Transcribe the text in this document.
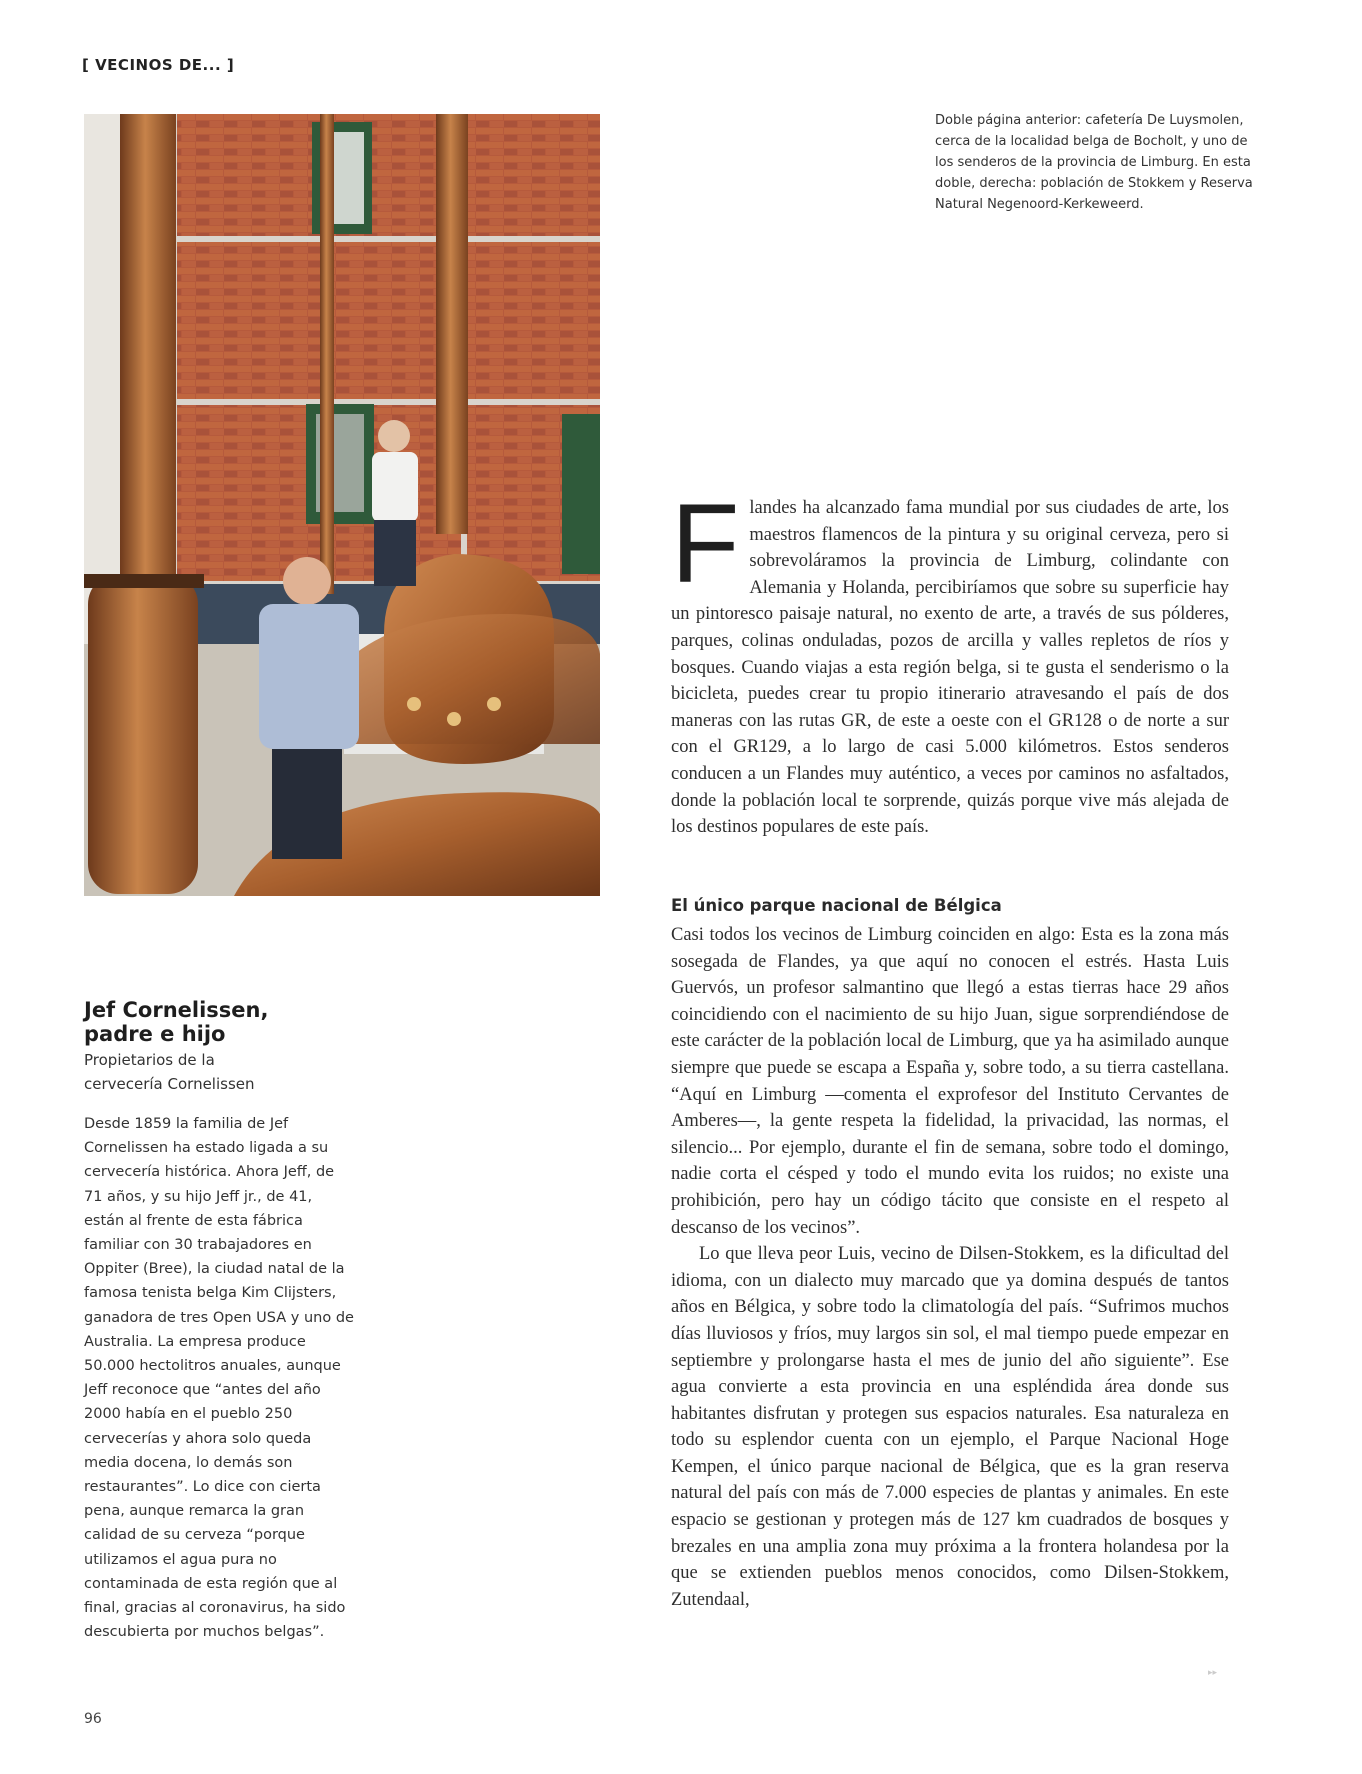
[ VECINOS DE... ]
Doble página anterior: cafetería De Luysmolen, cerca de la localidad belga de Bocholt, y uno de los senderos de la provincia de Limburg. En esta doble, derecha: población de Stokkem y Reserva Natural Negenoord-Kerkeweerd.
Jef Cornelissen,
padre e hijo
Propietarios de la
cervecería Cornelissen

Desde 1859 la familia de Jef Cornelissen ha estado ligada a su cervecería histórica. Ahora Jeff, de 71 años, y su hijo Jeff jr., de 41, están al frente de esta fábrica familiar con 30 trabajadores en Oppiter (Bree), la ciudad natal de la famosa tenista belga Kim Clijsters, ganadora de tres Open USA y uno de Australia. La empresa produce 50.000 hectolitros anuales, aunque Jeff reconoce que “antes del año 2000 había en el pueblo 250 cervecerías y ahora solo queda media docena, lo demás son restaurantes”. Lo dice con cierta pena, aunque remarca la gran calidad de su cerveza “porque utilizamos el agua pura no contaminada de esta región que al final, gracias al coronavirus, ha sido descubierta por muchos belgas”.

F landes ha alcanzado fama mundial por sus ciudades de arte, los maestros flamencos de la pintura y su original cerveza, pero si sobrevoláramos la provincia de Limburg, colindante con Alemania y Holanda, percibiríamos que sobre su superficie hay un pintoresco paisaje natural, no exento de arte, a través de sus pólderes, parques, colinas onduladas, pozos de arcilla y valles repletos de ríos y bosques. Cuando viajas a esta región belga, si te gusta el senderismo o la bicicleta, puedes crear tu propio itinerario atravesando el país de dos maneras con las rutas GR, de este a oeste con el GR128 o de norte a sur con el GR129, a lo largo de casi 5.000 kilómetros. Estos senderos conducen a un Flandes muy auténtico, a veces por caminos no asfaltados, donde la población local te sorprende, quizás porque vive más alejada de los destinos populares de este país.

El único parque nacional de Bélgica

Casi todos los vecinos de Limburg coinciden en algo: Esta es la zona más sosegada de Flandes, ya que aquí no conocen el estrés. Hasta Luis Guervós, un profesor salmantino que llegó a estas tierras hace 29 años coincidiendo con el nacimiento de su hijo Juan, sigue sorprendiéndose de este carácter de la población local de Limburg, que ya ha asimilado aunque siempre que puede se escapa a España y, sobre todo, a su tierra castellana. “Aquí en Limburg —comenta el exprofesor del Instituto Cervantes de Amberes—, la gente respeta la fidelidad, la privacidad, las normas, el silencio... Por ejemplo, durante el fin de semana, sobre todo el domingo, nadie corta el césped y todo el mundo evita los ruidos; no existe una prohibición, pero hay un código tácito que consiste en el respeto al descanso de los vecinos”.

Lo que lleva peor Luis, vecino de Dilsen-Stokkem, es la dificultad del idioma, con un dialecto muy marcado que ya domina después de tantos años en Bélgica, y sobre todo la climatología del país. “Sufrimos muchos días lluviosos y fríos, muy largos sin sol, el mal tiempo puede empezar en septiembre y prolongarse hasta el mes de junio del año siguiente”. Ese agua convierte a esta provincia en una espléndida área donde sus habitantes disfrutan y protegen sus espacios naturales. Esa naturaleza en todo su esplendor cuenta con un ejemplo, el Parque Nacional Hoge Kempen, el único parque nacional de Bélgica, que es la gran reserva natural del país con más de 7.000 especies de plantas y animales. En este espacio se gestionan y protegen más de 127 km cuadrados de bosques y brezales en una amplia zona muy próxima a la frontera holandesa por la que se extienden pueblos menos conocidos, como Dilsen-Stokkem, Zutendaal,

▸▸
96
